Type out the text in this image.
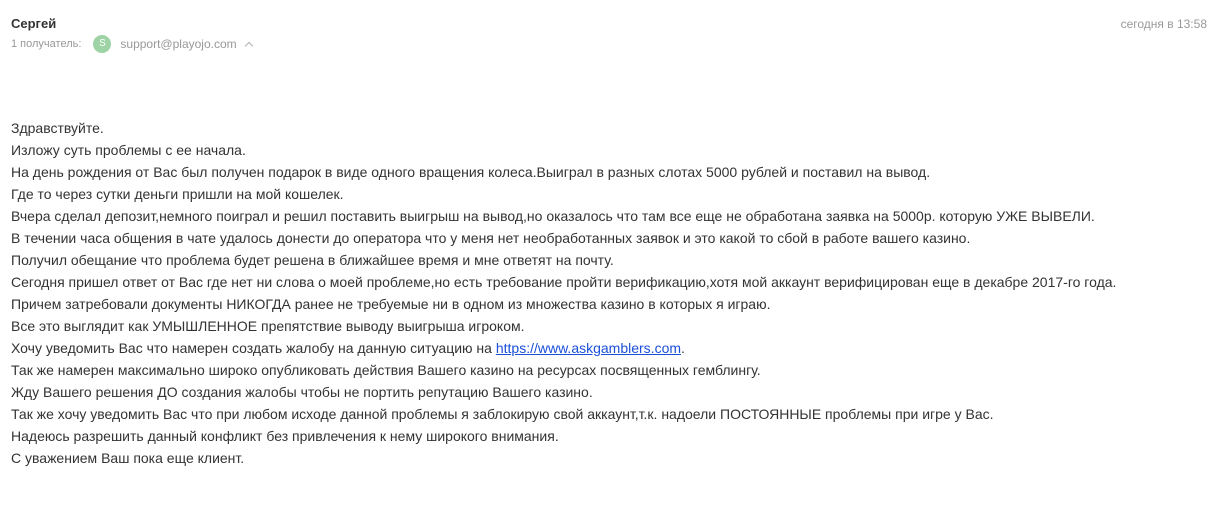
Сергей	сегодня в 13:58
1 получатель:	S	support@playojo.com

Здравствуйте.

Изложу суть проблемы с ее начала.

На день рождения от Вас был получен подарок в виде одного вращения колеса.Выиграл в разных слотах 5000 рублей и поставил на вывод.

Где то через сутки деньги пришли на мой кошелек.

Вчера сделал депозит,немного поиграл и решил поставить выигрыш на вывод,но оказалось что там все еще не обработана заявка на 5000р. которую УЖЕ ВЫВЕЛИ.

В течении часа общения в чате удалось донести до оператора что у меня нет необработанных заявок и это какой то сбой в работе вашего казино.

Получил обещание что проблема будет решена в ближайшее время и мне ответят на почту.

Сегодня пришел ответ от Вас где нет ни слова о моей проблеме,но есть требование пройти верификацию,хотя мой аккаунт верифицирован еще в декабре 2017-го года.

Причем затребовали документы НИКОГДА ранее не требуемые ни в одном из множества казино в которых я играю.

Все это выглядит как УМЫШЛЕННОЕ препятствие выводу выигрыша игроком.

Хочу уведомить Вас что намерен создать жалобу на данную ситуацию на https://www.askgamblers.com.

Так же намерен максимально широко опубликовать действия Вашего казино на ресурсах посвященных гемблингу.

Жду Вашего решения ДО создания жалобы чтобы не портить репутацию Вашего казино.

Так же хочу уведомить Вас что при любом исходе данной проблемы я заблокирую свой аккаунт,т.к. надоели ПОСТОЯННЫЕ проблемы при игре у Вас.

Надеюсь разрешить данный конфликт без привлечения к нему широкого внимания.

С уважением Ваш пока еще клиент.
